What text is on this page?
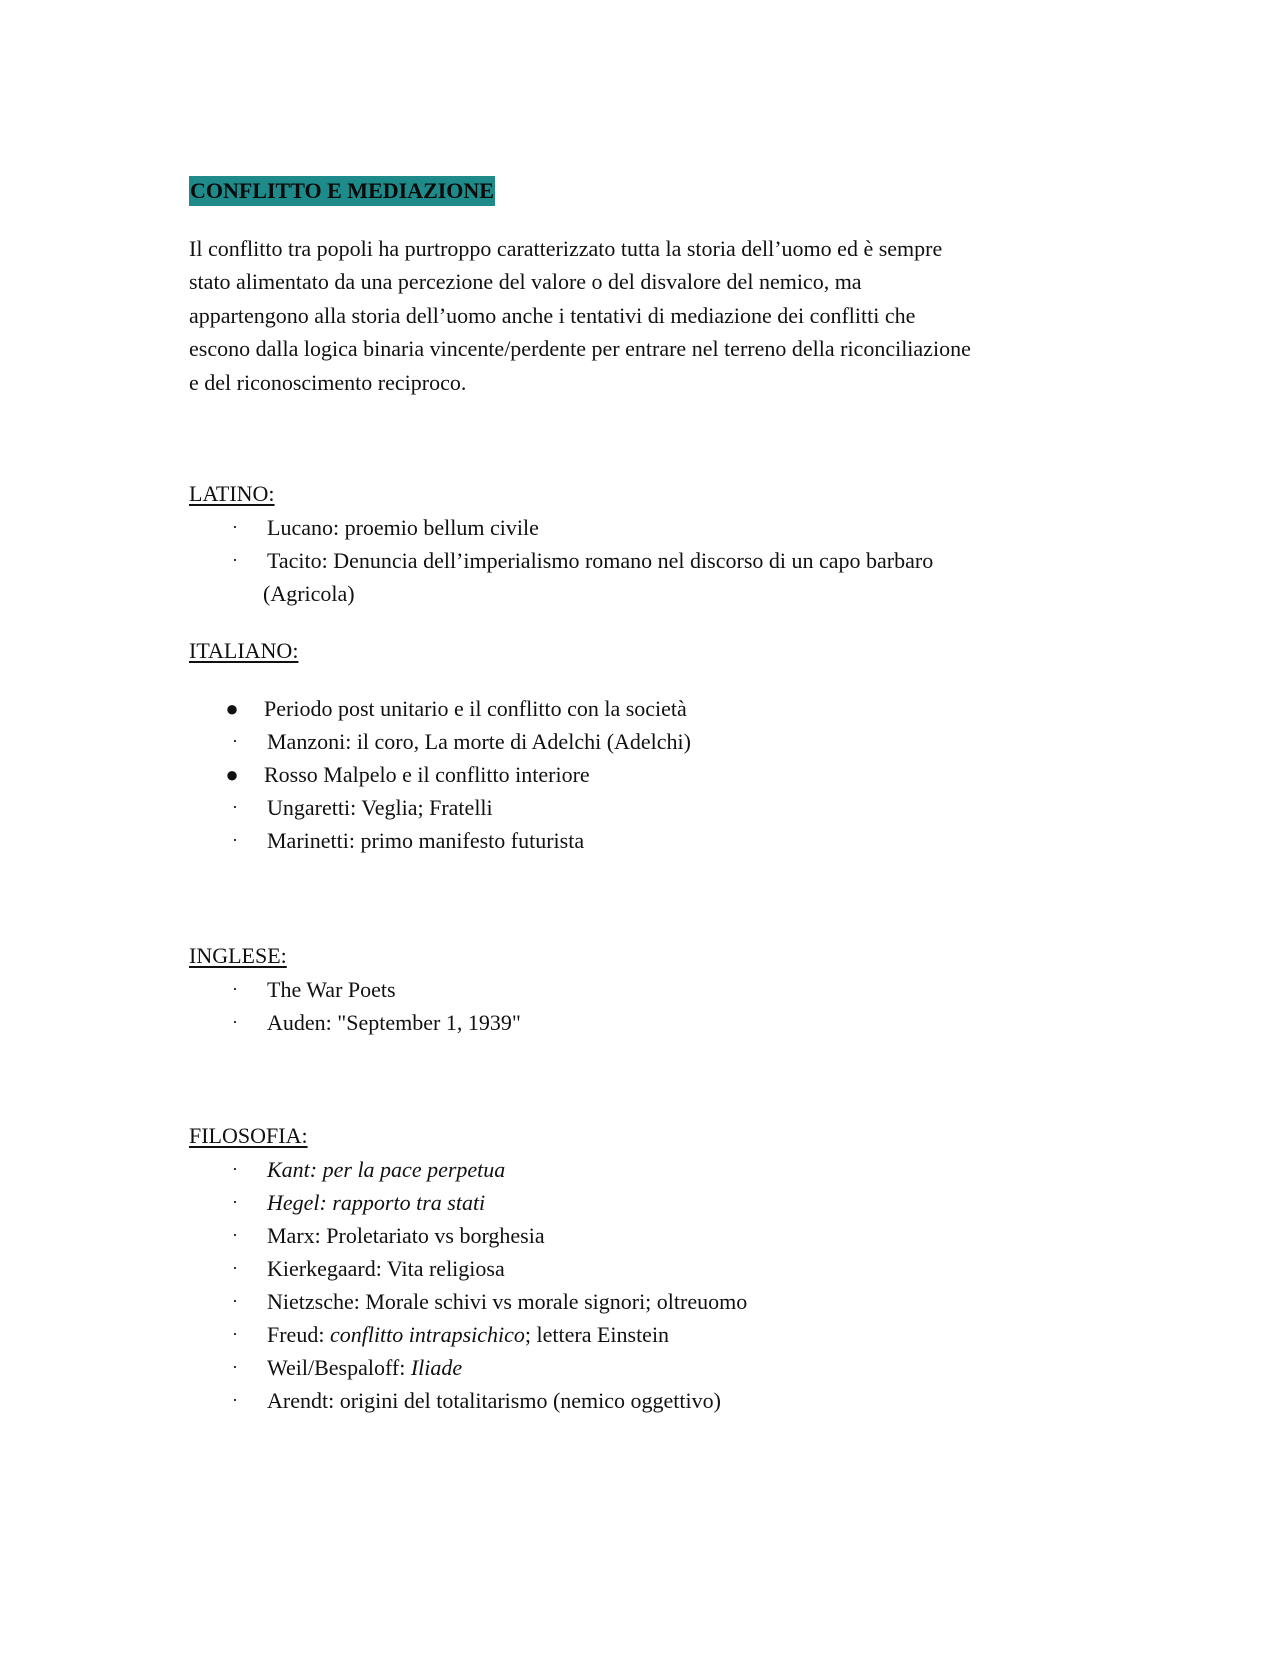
CONFLITTO E MEDIAZIONE

Il conflitto tra popoli ha purtroppo caratterizzato tutta la storia dell’uomo ed è sempre
stato alimentato da una percezione del valore o del disvalore del nemico, ma
appartengono alla storia dell’uomo anche i tentativi di mediazione dei conflitti che
escono dalla logica binaria vincente/perdente per entrare nel terreno della riconciliazione
e del riconoscimento reciproco.

LATINO:
·	Lucano: proemio bellum civile
·	Tacito: Denuncia dell’imperialismo romano nel discorso di un capo barbaro
(Agricola)
ITALIANO:
● Periodo post unitario e il conflitto con la società
·	Manzoni: il coro, La morte di Adelchi (Adelchi)
● Rosso Malpelo e il conflitto interiore
·	Ungaretti: Veglia; Fratelli
·	Marinetti: primo manifesto futurista
INGLESE:
·	The War Poets
·	Auden: "September 1, 1939"
FILOSOFIA:
·	Kant: per la pace perpetua
·	Hegel: rapporto tra stati
·	Marx: Proletariato vs borghesia
·	Kierkegaard: Vita religiosa
·	Nietzsche: Morale schivi vs morale signori; oltreuomo
·	Freud: conflitto intrapsichico; lettera Einstein
·	Weil/Bespaloff: Iliade
·	Arendt: origini del totalitarismo (nemico oggettivo)
